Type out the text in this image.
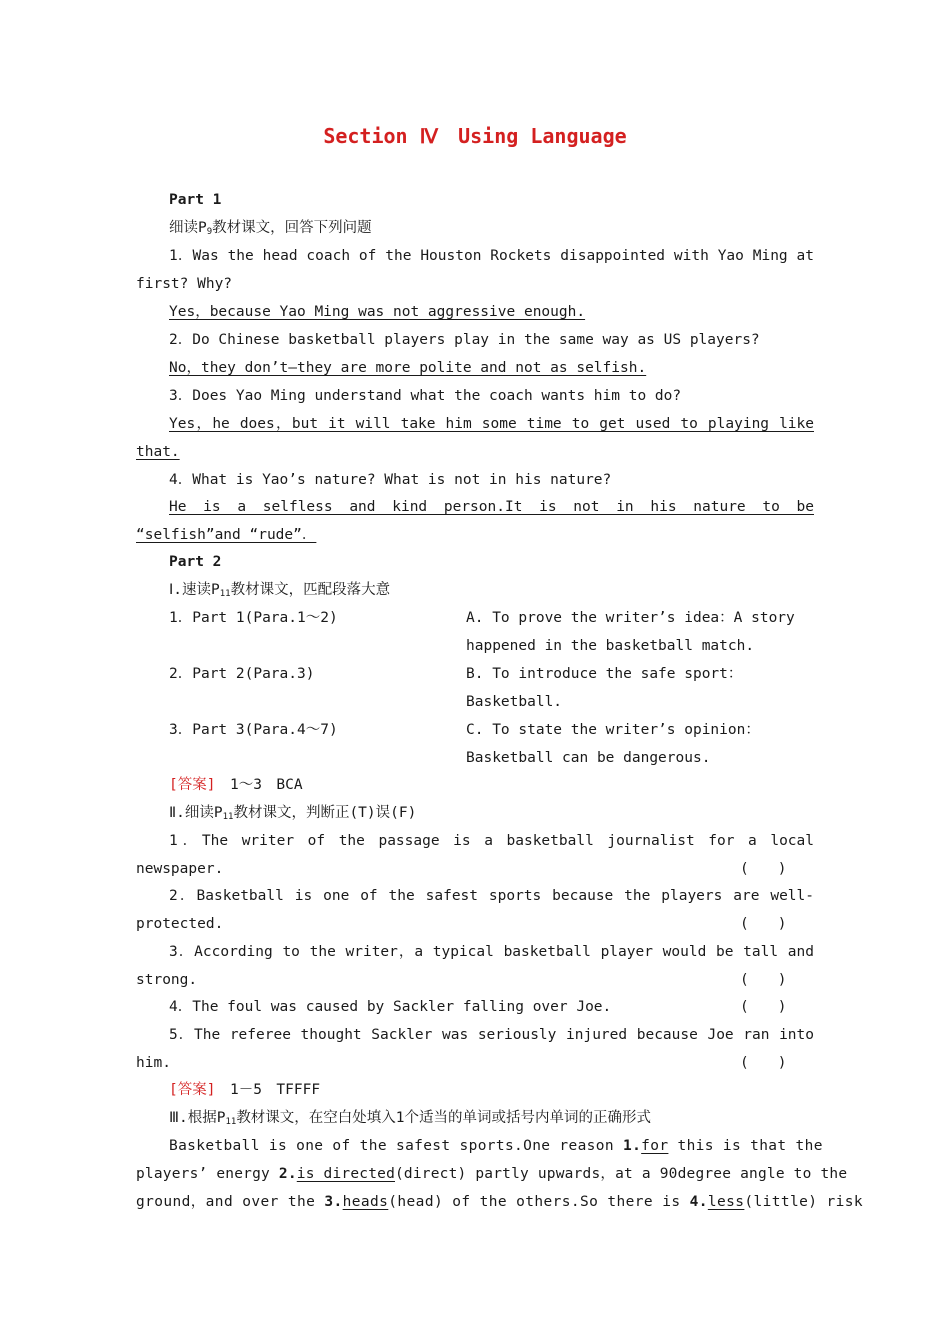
Section Ⅳ　Using Language
Part 1
细读$P_9$教材课文，回答下列问题
1．Was the head coach of the Houston Rockets disappointed with Yao Ming at
first? Why?
Yes，because Yao Ming was not aggressive enough.
2．Do Chinese basketball players play in the same way as US players?
No，they don’t—they are more polite and not as selfish.
3．Does Yao Ming understand what the coach wants him to do?
Yes，he does，but it will take him some time to get used to playing like
that.
4．What is Yao’s nature? What is not in his nature?
He is a selfless and kind person.It is not in his nature to be
“selfish”and “rude”．
Part 2
Ⅰ.速读$P_{11}$教材课文，匹配段落大意
1．Part 1(Para.1～2)	A. To prove the writer’s idea：A story
happened in the basketball match.
2．Part 2(Para.3)	B. To introduce the safe sport：
Basketball.
3．Part 3(Para.4～7)	C. To state the writer’s opinion：
Basketball can be dangerous.
[答案]　1～3　BCA
Ⅱ.细读$P_{11}$教材课文，判断正(T)误(F)
1．The writer of the passage is a basketball journalist for a local
newspaper.	(　　)
2．Basketball is one of the safest sports because the players are well-
protected.	(　　)
3．According to the writer，a typical basketball player would be tall and
strong.	(　　)
4．The foul was caused by Sackler falling over Joe.	(　　)
5．The referee thought Sackler was seriously injured because Joe ran into
him.	(　　)
[答案]　1－5　TFFFF
Ⅲ.根据$P_{11}$教材课文，在空白处填入1个适当的单词或括号内单词的正确形式
Basketball is one of the safest sports.One reason 1.for this is that the
players’ energy 2.is directed(direct) partly upwards，at a 90degree angle to the
ground，and over the 3.heads(head) of the others.So there is 4.less(little) risk
